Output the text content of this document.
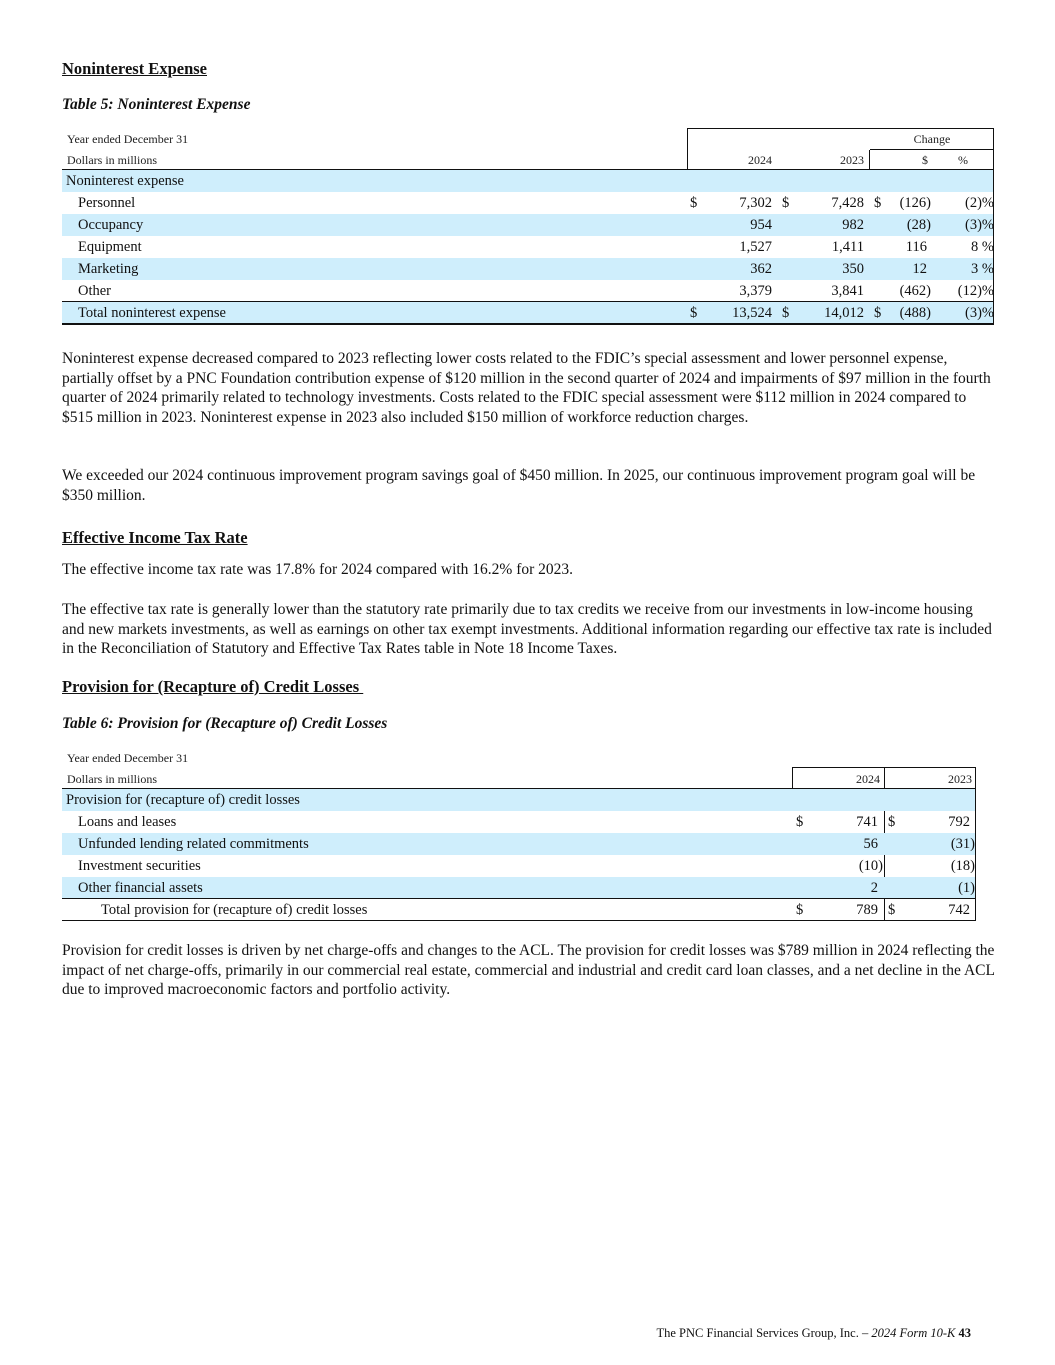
Noninterest Expense
Table 5: Noninterest Expense
Year ended December 31	Change
Dollars in millions	2024	2023	$	%
Noninterest expense
Personnel	$	7,302 $	7,428 $	(126)	(2)%
Occupancy	954	982	(28)	(3)%
Equipment	1,527	1,411	116	8 %
Marketing	362	350	12	3 %
Other	3,379	3,841	(462)	(12)%
Total noninterest expense	$	13,524 $	14,012 $	(488)	(3)%
Noninterest expense decreased compared to 2023 reflecting lower costs related to the FDIC’s special assessment and lower personnel expense, partially offset by a PNC Foundation contribution expense of $120 million in the second quarter of 2024 and impairments of $97 million in the fourth quarter of 2024 primarily related to technology investments. Costs related to the FDIC special assessment were $112 million in 2024 compared to $515 million in 2023. Noninterest expense in 2023 also included $150 million of workforce reduction charges.
We exceeded our 2024 continuous improvement program savings goal of $450 million. In 2025, our continuous improvement program goal will be $350 million.
Effective Income Tax Rate
The effective income tax rate was 17.8% for 2024 compared with 16.2% for 2023.
The effective tax rate is generally lower than the statutory rate primarily due to tax credits we receive from our investments in low-income housing and new markets investments, as well as earnings on other tax exempt investments. Additional information regarding our effective tax rate is included in the Reconciliation of Statutory and Effective Tax Rates table in Note 18 Income Taxes.
Provision for (Recapture of) Credit Losses
Table 6: Provision for (Recapture of) Credit Losses
Year ended December 31
Dollars in millions	2024	2023
Provision for (recapture of) credit losses
Loans and leases	$	741 $	792
Unfunded lending related commitments	56	(31)
Investment securities	(10)	(18)
Other financial assets	2	(1)
Total provision for (recapture of) credit losses	$	789 $	742
Provision for credit losses is driven by net charge-offs and changes to the ACL. The provision for credit losses was $789 million in 2024 reflecting the impact of net charge-offs, primarily in our commercial real estate, commercial and industrial and credit card loan classes, and a net decline in the ACL due to improved macroeconomic factors and portfolio activity.
The PNC Financial Services Group, Inc. – 2024 Form 10-K 43
